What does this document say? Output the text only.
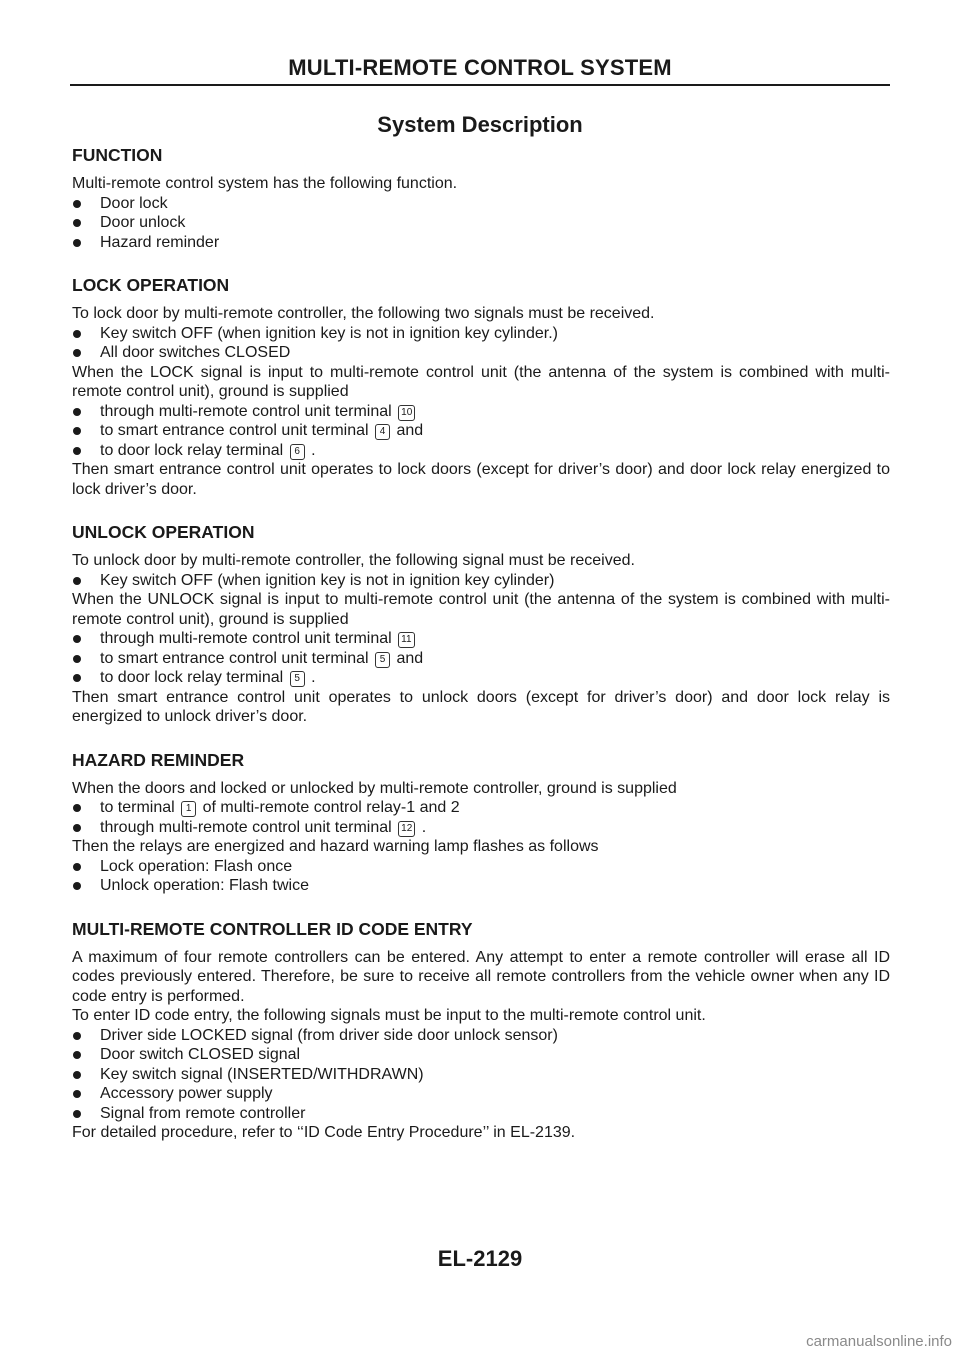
MULTI-REMOTE CONTROL SYSTEM
System Description
FUNCTION

Multi-remote control system has the following function.

Door lock

Door unlock

Hazard reminder

LOCK OPERATION

To lock door by multi-remote controller, the following two signals must be received.

Key switch OFF (when ignition key is not in ignition key cylinder.)

All door switches CLOSED

When the LOCK signal is input to multi-remote control unit (the antenna of the system is combined with multi-remote control unit), ground is supplied

through multi-remote control unit terminal 10

to smart entrance control unit terminal 4 and

to door lock relay terminal 6 .

Then smart entrance control unit operates to lock doors (except for driver’s door) and door lock relay energized to lock driver’s door.

UNLOCK OPERATION

To unlock door by multi-remote controller, the following signal must be received.

Key switch OFF (when ignition key is not in ignition key cylinder)

When the UNLOCK signal is input to multi-remote control unit (the antenna of the system is combined with multi-remote control unit), ground is supplied

through multi-remote control unit terminal 11

to smart entrance control unit terminal 5 and

to door lock relay terminal 5 .

Then smart entrance control unit operates to unlock doors (except for driver’s door) and door lock relay is energized to unlock driver’s door.

HAZARD REMINDER

When the doors and locked or unlocked by multi-remote controller, ground is supplied

to terminal 1 of multi-remote control relay-1 and 2

through multi-remote control unit terminal 12 .

Then the relays are energized and hazard warning lamp flashes as follows

Lock operation: Flash once

Unlock operation: Flash twice

MULTI-REMOTE CONTROLLER ID CODE ENTRY

A maximum of four remote controllers can be entered. Any attempt to enter a remote controller will erase all ID codes previously entered. Therefore, be sure to receive all remote controllers from the vehicle owner when any ID code entry is performed.

To enter ID code entry, the following signals must be input to the multi-remote control unit.

Driver side LOCKED signal (from driver side door unlock sensor)

Door switch CLOSED signal

Key switch signal (INSERTED/WITHDRAWN)

Accessory power supply

Signal from remote controller

For detailed procedure, refer to ‘‘ID Code Entry Procedure’’ in EL-2139.

EL-2129
carmanualsonline.info
